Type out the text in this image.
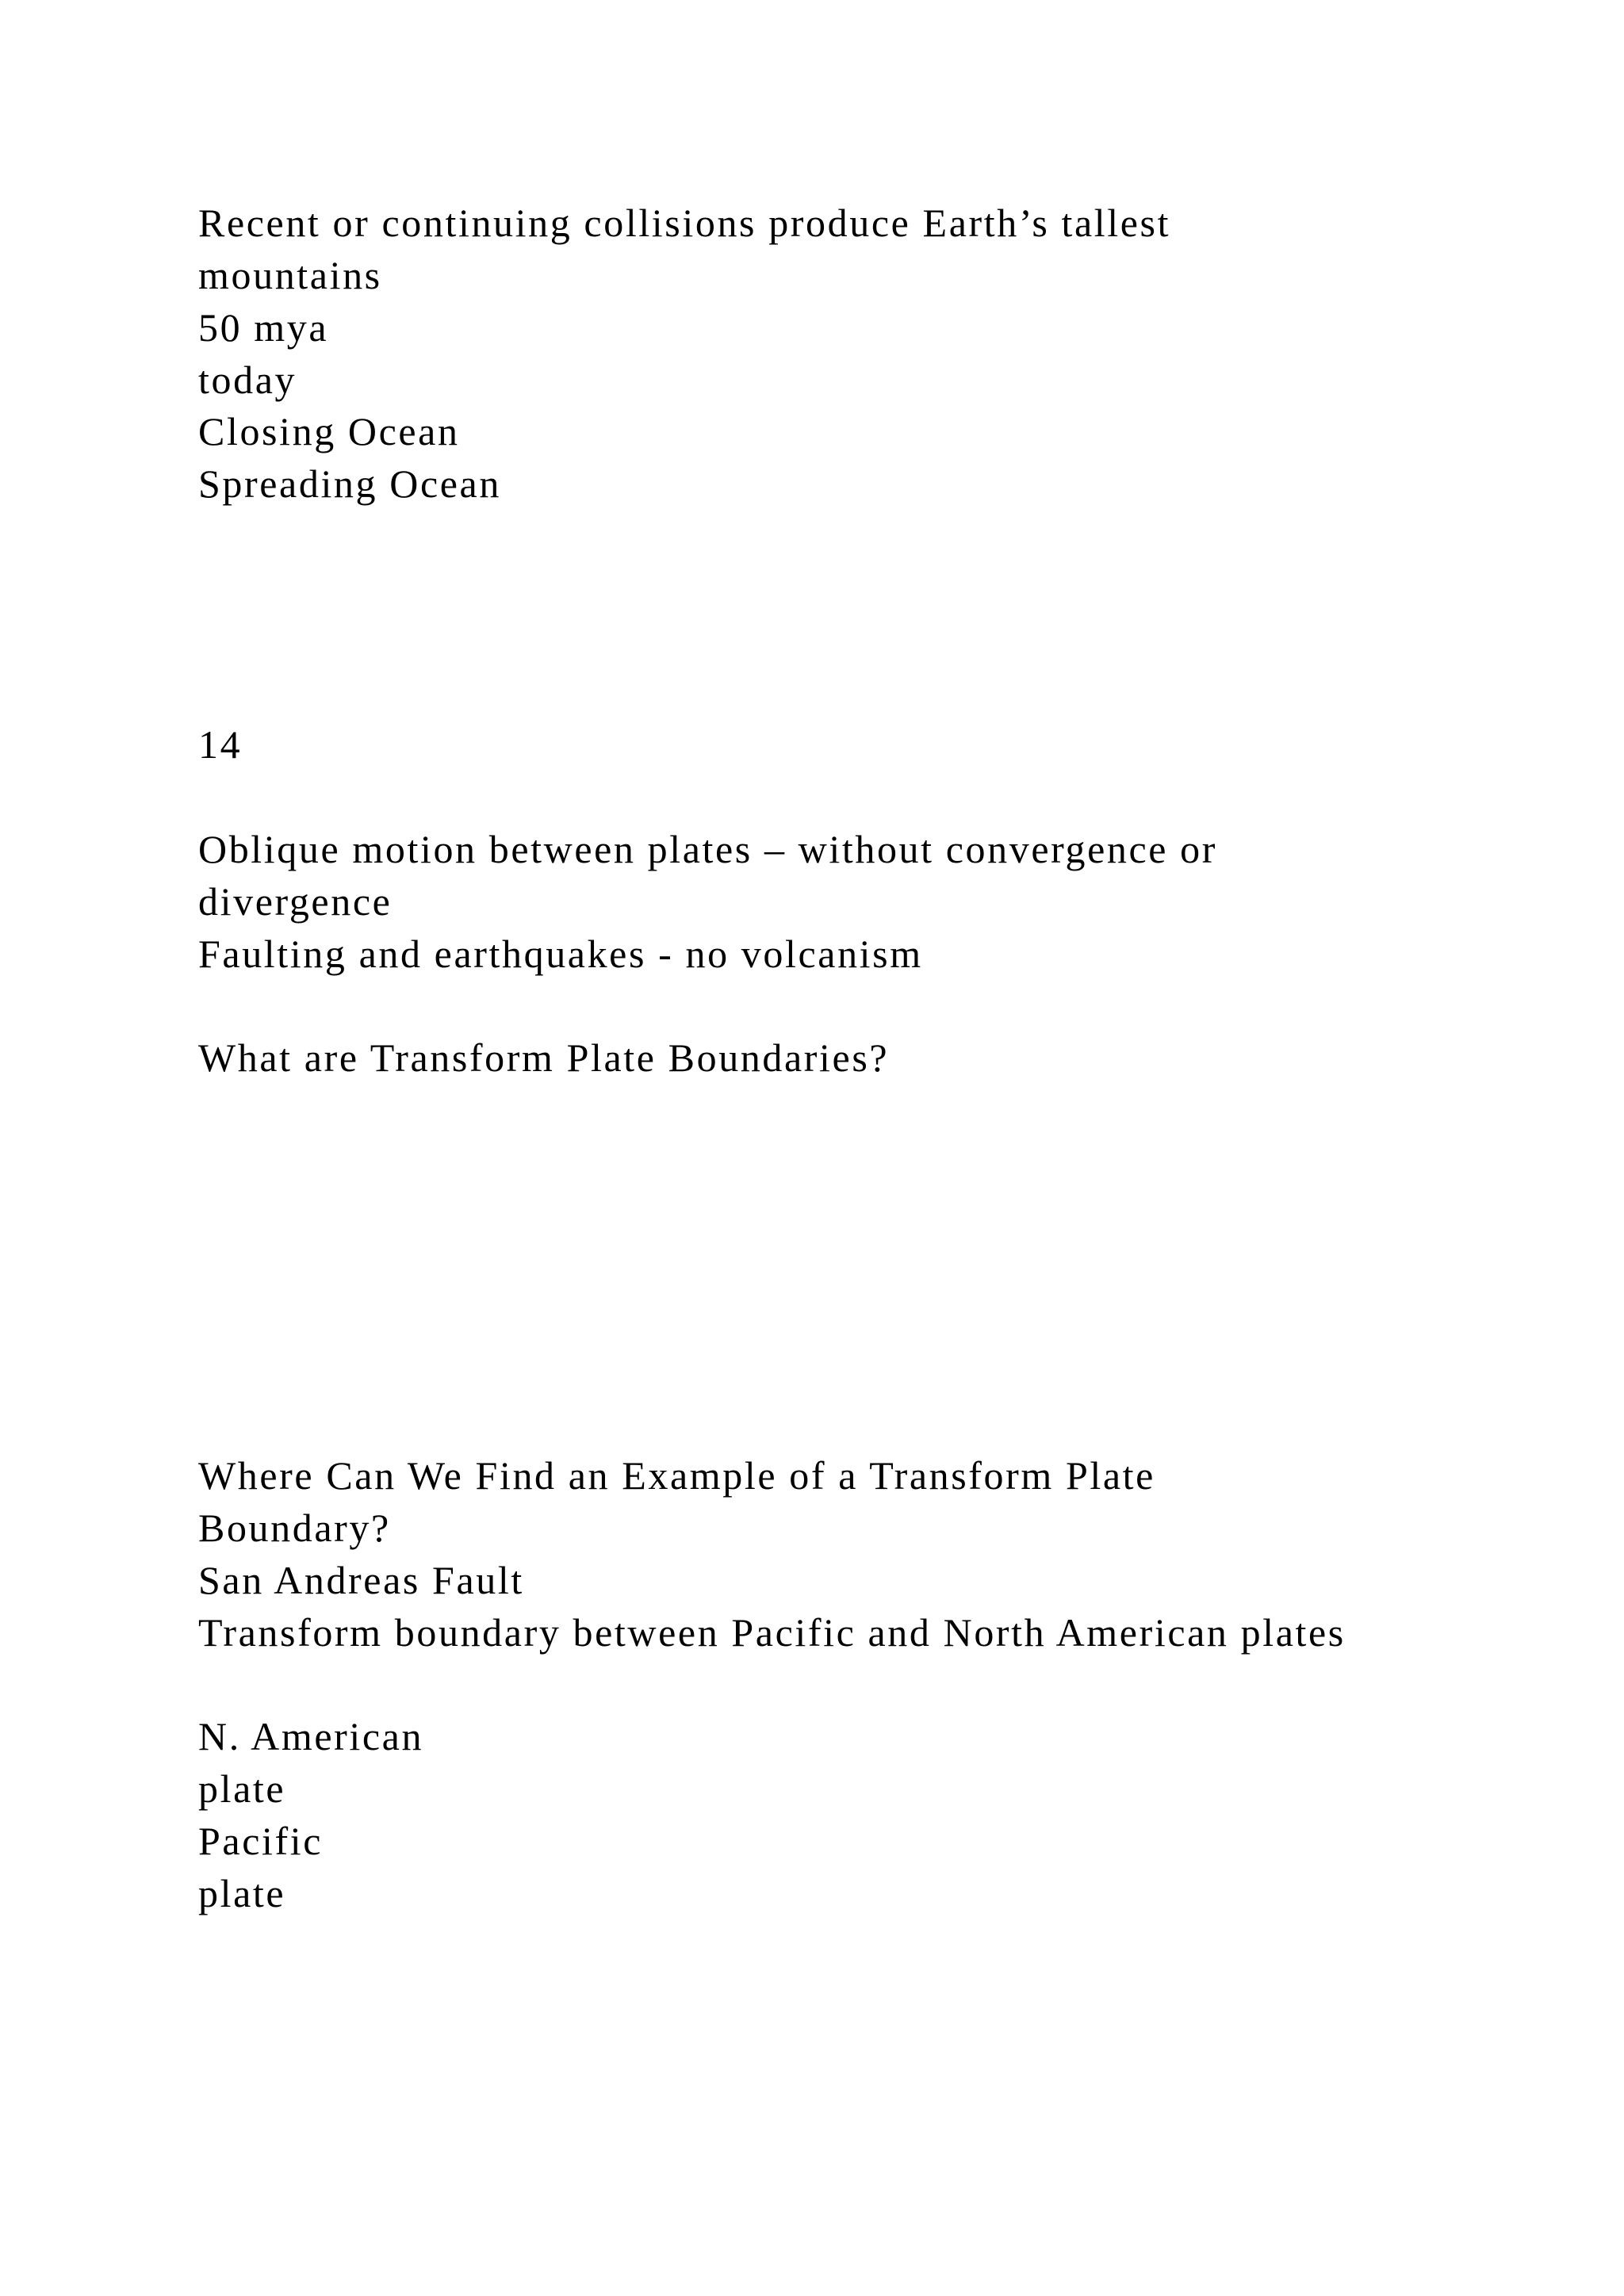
Recent or continuing collisions produce Earth’s tallest

mountains

50 mya

today

Closing Ocean

Spreading Ocean

14

Oblique motion between plates – without convergence or

divergence

Faulting and earthquakes - no volcanism

What are Transform Plate Boundaries?

Where Can We Find an Example of a Transform Plate

Boundary?

San Andreas Fault

Transform boundary between Pacific and North American plates

N. American

plate

Pacific

plate
